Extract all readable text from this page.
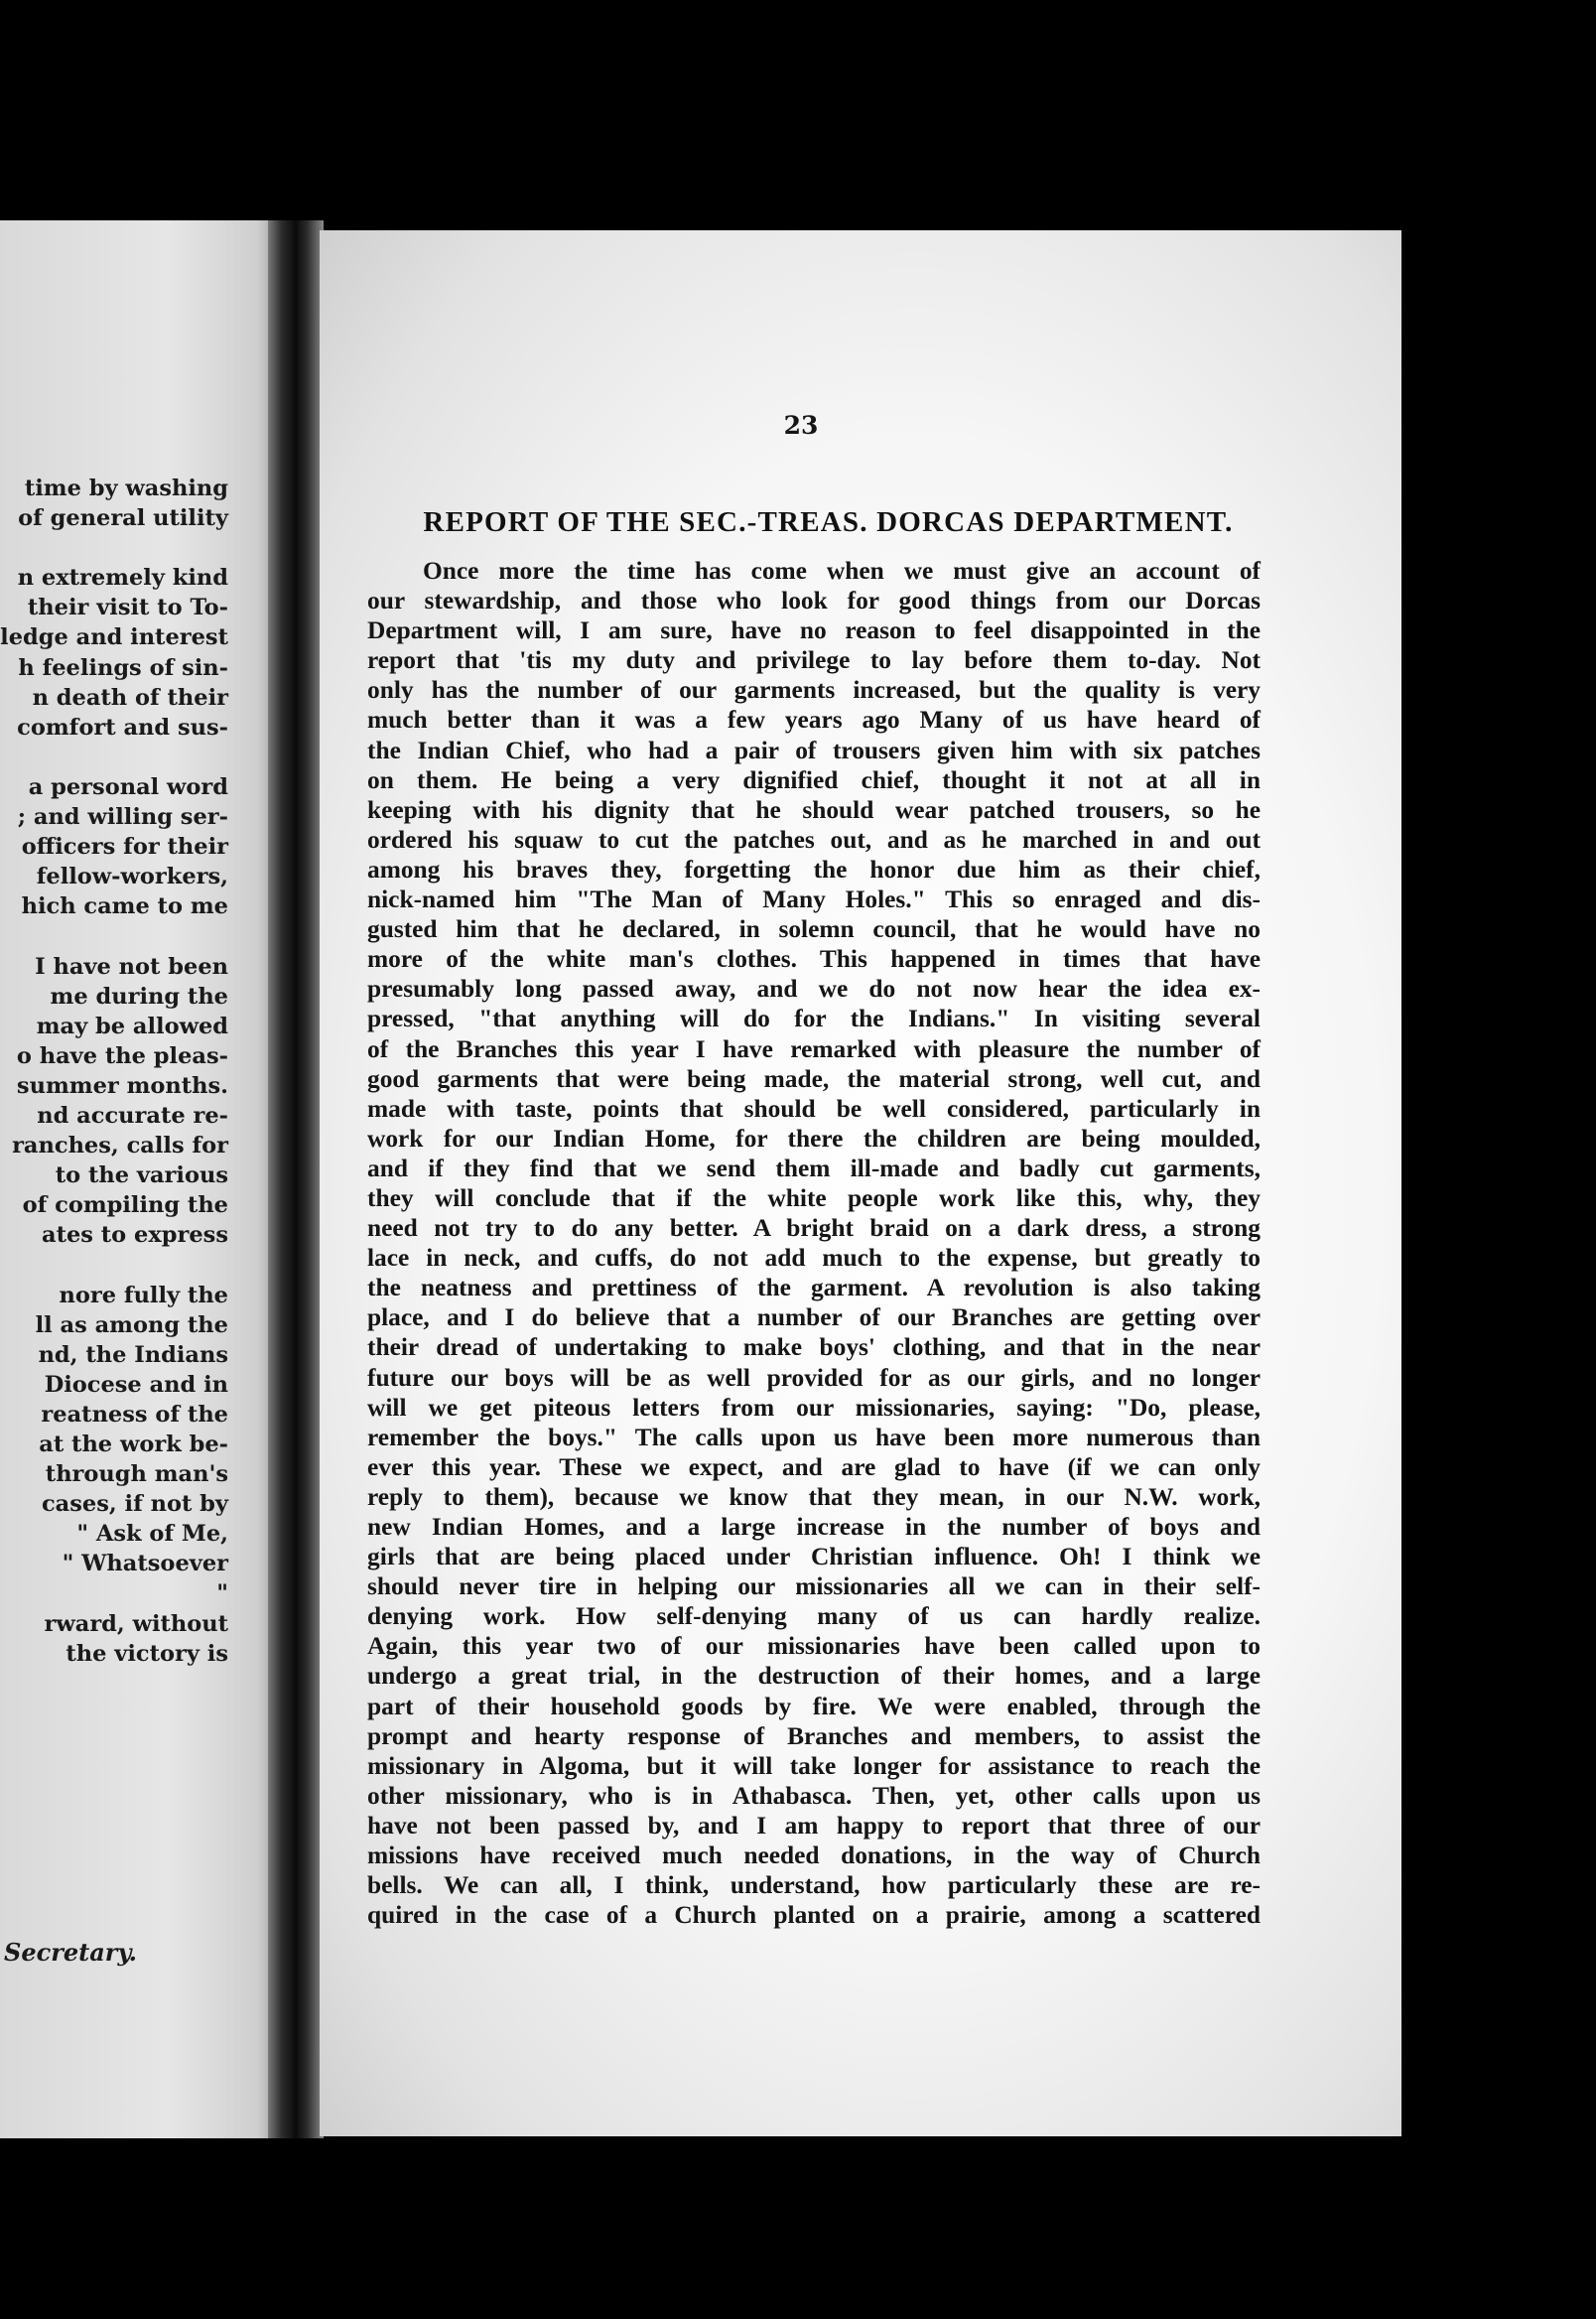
time by washing
of general utility
n extremely kind
their visit to To-
ledge and interest
h feelings of sin-
n death of their
comfort and sus-
a personal word
; and willing ser-
officers for their
fellow-workers,
hich came to me
I have not been
me during the
may be allowed
o have the pleas-
summer months.
nd accurate re-
ranches, calls for
to the various
of compiling the
ates to express
nore fully the
ll as among the
nd, the Indians
Diocese and in
reatness of the
at the work be-
through man's
cases, if not by
" Ask of Me,
" Whatsoever
"
rward, without
the victory is
Secretary.
23
REPORT OF THE SEC.-TREAS. DORCAS DEPARTMENT.
Once more the time has come when we must give an account of
our stewardship, and those who look for good things from our Dorcas
Department will, I am sure, have no reason to feel disappointed in the
report that 'tis my duty and privilege to lay before them to-day. Not
only has the number of our garments increased, but the quality is very
much better than it was a few years ago Many of us have heard of
the Indian Chief, who had a pair of trousers given him with six patches
on them. He being a very dignified chief, thought it not at all in
keeping with his dignity that he should wear patched trousers, so he
ordered his squaw to cut the patches out, and as he marched in and out
among his braves they, forgetting the honor due him as their chief,
nick-named him "The Man of Many Holes." This so enraged and dis-
gusted him that he declared, in solemn council, that he would have no
more of the white man's clothes. This happened in times that have
presumably long passed away, and we do not now hear the idea ex-
pressed, "that anything will do for the Indians." In visiting several
of the Branches this year I have remarked with pleasure the number of
good garments that were being made, the material strong, well cut, and
made with taste, points that should be well considered, particularly in
work for our Indian Home, for there the children are being moulded,
and if they find that we send them ill-made and badly cut garments,
they will conclude that if the white people work like this, why, they
need not try to do any better. A bright braid on a dark dress, a strong
lace in neck, and cuffs, do not add much to the expense, but greatly to
the neatness and prettiness of the garment. A revolution is also taking
place, and I do believe that a number of our Branches are getting over
their dread of undertaking to make boys' clothing, and that in the near
future our boys will be as well provided for as our girls, and no longer
will we get piteous letters from our missionaries, saying: "Do, please,
remember the boys." The calls upon us have been more numerous than
ever this year. These we expect, and are glad to have (if we can only
reply to them), because we know that they mean, in our N.W. work,
new Indian Homes, and a large increase in the number of boys and
girls that are being placed under Christian influence. Oh! I think we
should never tire in helping our missionaries all we can in their self-
denying work. How self-denying many of us can hardly realize.
Again, this year two of our missionaries have been called upon to
undergo a great trial, in the destruction of their homes, and a large
part of their household goods by fire. We were enabled, through the
prompt and hearty response of Branches and members, to assist the
missionary in Algoma, but it will take longer for assistance to reach the
other missionary, who is in Athabasca. Then, yet, other calls upon us
have not been passed by, and I am happy to report that three of our
missions have received much needed donations, in the way of Church
bells. We can all, I think, understand, how particularly these are re-
quired in the case of a Church planted on a prairie, among a scattered
